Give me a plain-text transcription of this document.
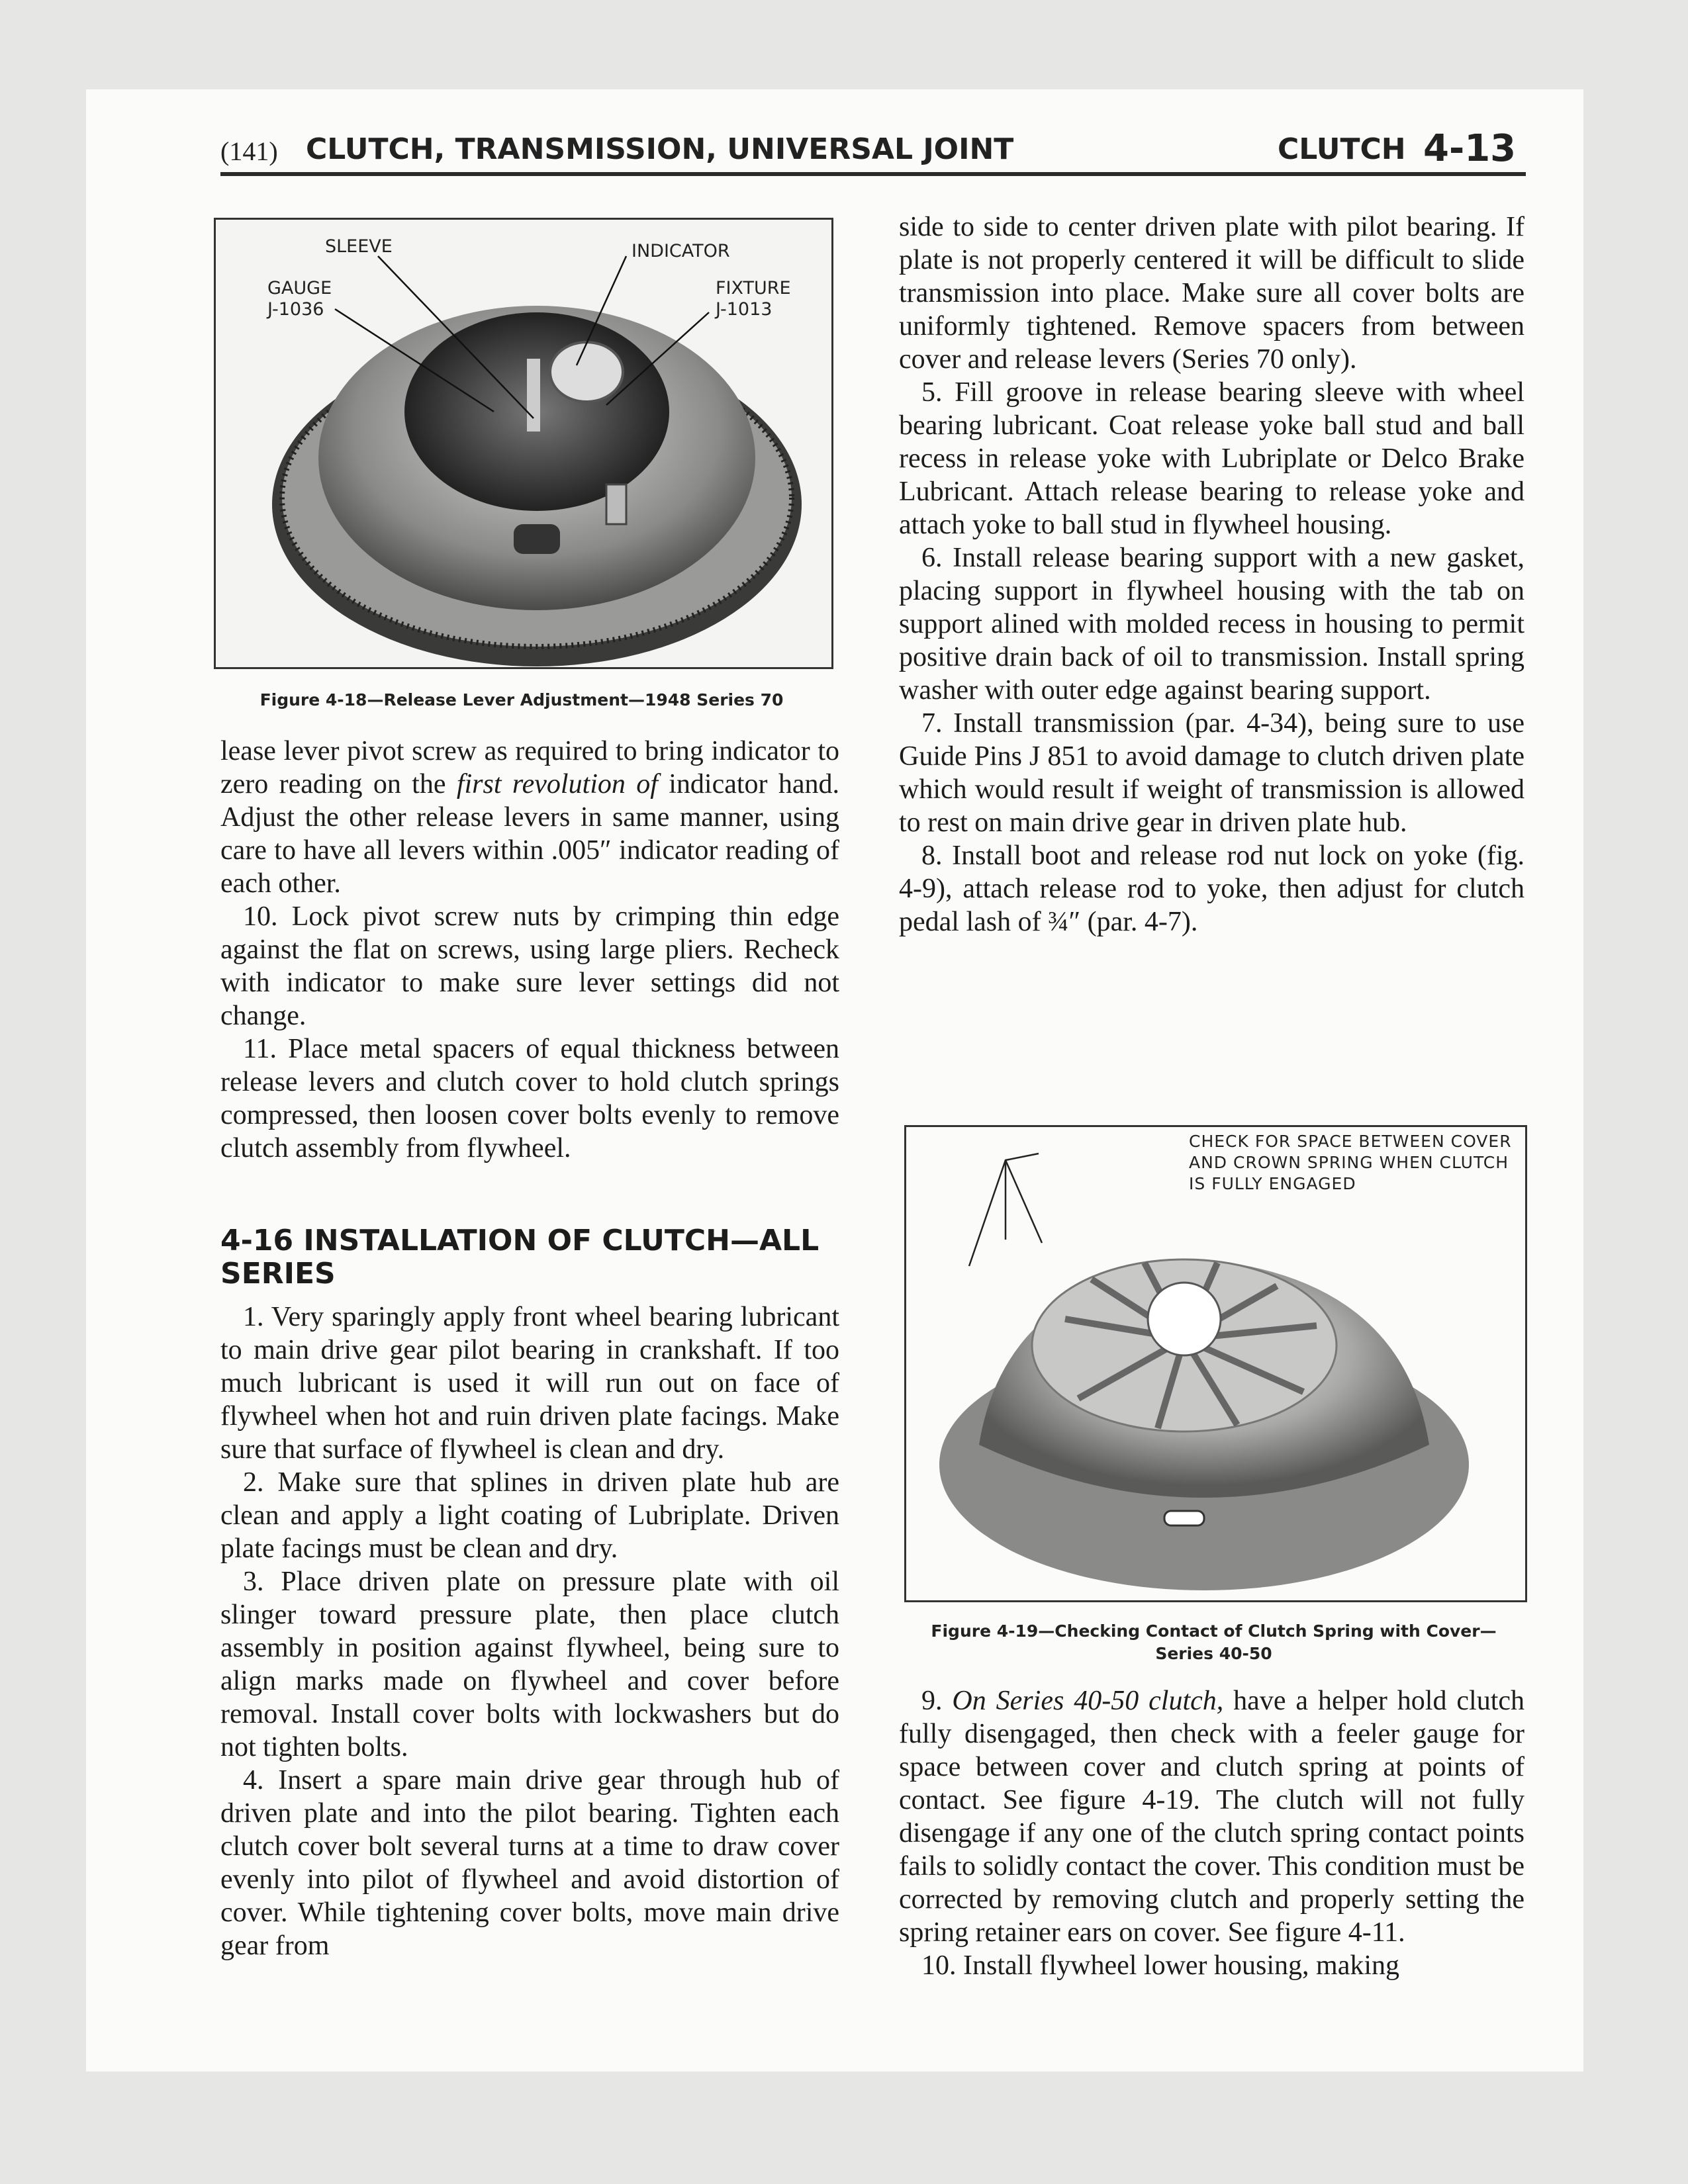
(141) CLUTCH, TRANSMISSION, UNIVERSAL JOINT	CLUTCH 4-13
SLEEVE	INDICATOR
GAUGE
J-1036
FIXTURE
J-1013
Figure 4-18—Release Lever Adjustment—1948 Series 70

lease lever pivot screw as required to bring indicator to zero reading on the first revolution of indicator hand. Adjust the other release levers in same manner, using care to have all levers within .005″ indicator reading of each other.

10. Lock pivot screw nuts by crimping thin edge against the flat on screws, using large pliers. Recheck with indicator to make sure lever settings did not change.

11. Place metal spacers of equal thickness between release levers and clutch cover to hold clutch springs compressed, then loosen cover bolts evenly to remove clutch assembly from flywheel.

4-16 INSTALLATION OF CLUTCH—ALL SERIES

1. Very sparingly apply front wheel bearing lubricant to main drive gear pilot bearing in crankshaft. If too much lubricant is used it will run out on face of flywheel when hot and ruin driven plate facings. Make sure that surface of flywheel is clean and dry.

2. Make sure that splines in driven plate hub are clean and apply a light coating of Lubriplate. Driven plate facings must be clean and dry.

3. Place driven plate on pressure plate with oil slinger toward pressure plate, then place clutch assembly in position against flywheel, being sure to align marks made on flywheel and cover before removal. Install cover bolts with lockwashers but do not tighten bolts.

4. Insert a spare main drive gear through hub of driven plate and into the pilot bearing. Tighten each clutch cover bolt several turns at a time to draw cover evenly into pilot of flywheel and avoid distortion of cover. While tightening cover bolts, move main drive gear from

side to side to center driven plate with pilot bearing. If plate is not properly centered it will be difficult to slide transmission into place. Make sure all cover bolts are uniformly tightened. Remove spacers from between cover and release levers (Series 70 only).

5. Fill groove in release bearing sleeve with wheel bearing lubricant. Coat release yoke ball stud and ball recess in release yoke with Lubriplate or Delco Brake Lubricant. Attach release bearing to release yoke and attach yoke to ball stud in flywheel housing.

6. Install release bearing support with a new gasket, placing support in flywheel housing with the tab on support alined with molded recess in housing to permit positive drain back of oil to transmission. Install spring washer with outer edge against bearing support.

7. Install transmission (par. 4-34), being sure to use Guide Pins J 851 to avoid damage to clutch driven plate which would result if weight of transmission is allowed to rest on main drive gear in driven plate hub.

8. Install boot and release rod nut lock on yoke (fig. 4-9), attach release rod to yoke, then adjust for clutch pedal lash of ¾″ (par. 4-7).

CHECK FOR SPACE BETWEEN COVER AND CROWN SPRING WHEN CLUTCH IS FULLY ENGAGED
Figure 4-19—Checking Contact of Clutch Spring with Cover—
Series 40-50

9. On Series 40-50 clutch, have a helper hold clutch fully disengaged, then check with a feeler gauge for space between cover and clutch spring at points of contact. See figure 4-19. The clutch will not fully disengage if any one of the clutch spring contact points fails to solidly contact the cover. This condition must be corrected by removing clutch and properly setting the spring retainer ears on cover. See figure 4-11.

10. Install flywheel lower housing, making
